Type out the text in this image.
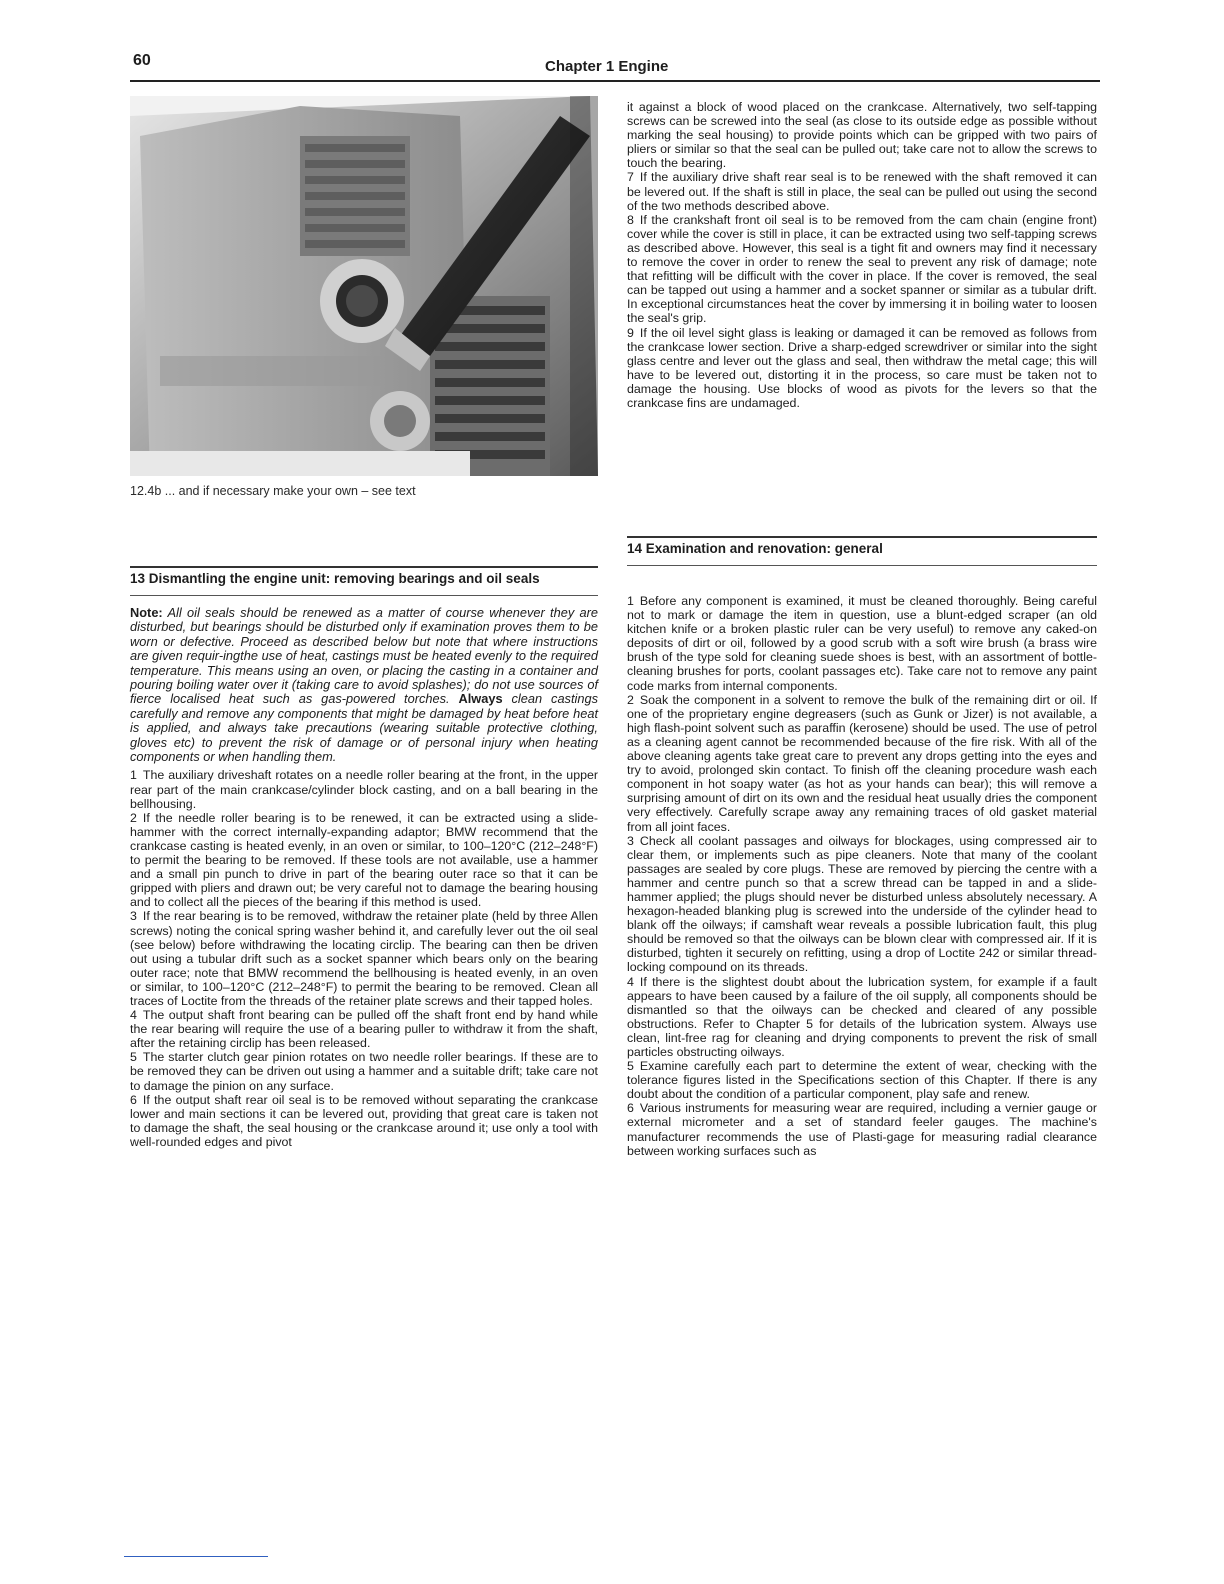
60	Chapter 1 Engine
12.4b ... and if necessary make your own – see text
13 Dismantling the engine unit: removing bearings and oil seals
Note: All oil seals should be renewed as a matter of course whenever they are disturbed, but bearings should be disturbed only if examination proves them to be worn or defective. Proceed as described below but note that where instructions are given requir-ingthe use of heat, castings must be heated evenly to the required temperature. This means using an oven, or placing the casting in a container and pouring boiling water over it (taking care to avoid splashes); do not use sources of fierce localised heat such as gas-powered torches. Always clean castings carefully and remove any components that might be damaged by heat before heat is applied, and always take precautions (wearing suitable protective clothing, gloves etc) to prevent the risk of damage or of personal injury when heating components or when handling them.

1 The auxiliary driveshaft rotates on a needle roller bearing at the front, in the upper rear part of the main crankcase/cylinder block casting, and on a ball bearing in the bellhousing.

2 If the needle roller bearing is to be renewed, it can be extracted using a slide-hammer with the correct internally-expanding adaptor; BMW recommend that the crankcase casting is heated evenly, in an oven or similar, to 100–120°C (212–248°F) to permit the bearing to be removed. If these tools are not available, use a hammer and a small pin punch to drive in part of the bearing outer race so that it can be gripped with pliers and drawn out; be very careful not to damage the bearing housing and to collect all the pieces of the bearing if this method is used.

3 If the rear bearing is to be removed, withdraw the retainer plate (held by three Allen screws) noting the conical spring washer behind it, and carefully lever out the oil seal (see below) before withdrawing the locating circlip. The bearing can then be driven out using a tubular drift such as a socket spanner which bears only on the bearing outer race; note that BMW recommend the bellhousing is heated evenly, in an oven or similar, to 100–120°C (212–248°F) to permit the bearing to be removed. Clean all traces of Loctite from the threads of the retainer plate screws and their tapped holes.

4 The output shaft front bearing can be pulled off the shaft front end by hand while the rear bearing will require the use of a bearing puller to withdraw it from the shaft, after the retaining circlip has been released.

5 The starter clutch gear pinion rotates on two needle roller bearings. If these are to be removed they can be driven out using a hammer and a suitable drift; take care not to damage the pinion on any surface.

6 If the output shaft rear oil seal is to be removed without separating the crankcase lower and main sections it can be levered out, providing that great care is taken not to damage the shaft, the seal housing or the crankcase around it; use only a tool with well-rounded edges and pivot

it against a block of wood placed on the crankcase. Alternatively, two self-tapping screws can be screwed into the seal (as close to its outside edge as possible without marking the seal housing) to provide points which can be gripped with two pairs of pliers or similar so that the seal can be pulled out; take care not to allow the screws to touch the bearing.

7 If the auxiliary drive shaft rear seal is to be renewed with the shaft removed it can be levered out. If the shaft is still in place, the seal can be pulled out using the second of the two methods described above.

8 If the crankshaft front oil seal is to be removed from the cam chain (engine front) cover while the cover is still in place, it can be extracted using two self-tapping screws as described above. However, this seal is a tight fit and owners may find it necessary to remove the cover in order to renew the seal to prevent any risk of damage; note that refitting will be difficult with the cover in place. If the cover is removed, the seal can be tapped out using a hammer and a socket spanner or similar as a tubular drift. In exceptional circumstances heat the cover by immersing it in boiling water to loosen the seal's grip.

9 If the oil level sight glass is leaking or damaged it can be removed as follows from the crankcase lower section. Drive a sharp-edged screwdriver or similar into the sight glass centre and lever out the glass and seal, then withdraw the metal cage; this will have to be levered out, distorting it in the process, so care must be taken not to damage the housing. Use blocks of wood as pivots for the levers so that the crankcase fins are undamaged.

14 Examination and renovation: general

1 Before any component is examined, it must be cleaned thoroughly. Being careful not to mark or damage the item in question, use a blunt-edged scraper (an old kitchen knife or a broken plastic ruler can be very useful) to remove any caked-on deposits of dirt or oil, followed by a good scrub with a soft wire brush (a brass wire brush of the type sold for cleaning suede shoes is best, with an assortment of bottle-cleaning brushes for ports, coolant passages etc). Take care not to remove any paint code marks from internal components.

2 Soak the component in a solvent to remove the bulk of the remaining dirt or oil. If one of the proprietary engine degreasers (such as Gunk or Jizer) is not available, a high flash-point solvent such as paraffin (kerosene) should be used. The use of petrol as a cleaning agent cannot be recommended because of the fire risk. With all of the above cleaning agents take great care to prevent any drops getting into the eyes and try to avoid, prolonged skin contact. To finish off the cleaning procedure wash each component in hot soapy water (as hot as your hands can bear); this will remove a surprising amount of dirt on its own and the residual heat usually dries the component very effectively. Carefully scrape away any remaining traces of old gasket material from all joint faces.

3 Check all coolant passages and oilways for blockages, using compressed air to clear them, or implements such as pipe cleaners. Note that many of the coolant passages are sealed by core plugs. These are removed by piercing the centre with a hammer and centre punch so that a screw thread can be tapped in and a slide-hammer applied; the plugs should never be disturbed unless absolutely necessary. A hexagon-headed blanking plug is screwed into the underside of the cylinder head to blank off the oilways; if camshaft wear reveals a possible lubrication fault, this plug should be removed so that the oilways can be blown clear with compressed air. If it is disturbed, tighten it securely on refitting, using a drop of Loctite 242 or similar thread-locking compound on its threads.

4 If there is the slightest doubt about the lubrication system, for example if a fault appears to have been caused by a failure of the oil supply, all components should be dismantled so that the oilways can be checked and cleared of any possible obstructions. Refer to Chapter 5 for details of the lubrication system. Always use clean, lint-free rag for cleaning and drying components to prevent the risk of small particles obstructing oilways.

5 Examine carefully each part to determine the extent of wear, checking with the tolerance figures listed in the Specifications section of this Chapter. If there is any doubt about the condition of a particular component, play safe and renew.

6 Various instruments for measuring wear are required, including a vernier gauge or external micrometer and a set of standard feeler gauges. The machine's manufacturer recommends the use of Plasti-gage for measuring radial clearance between working surfaces such as
